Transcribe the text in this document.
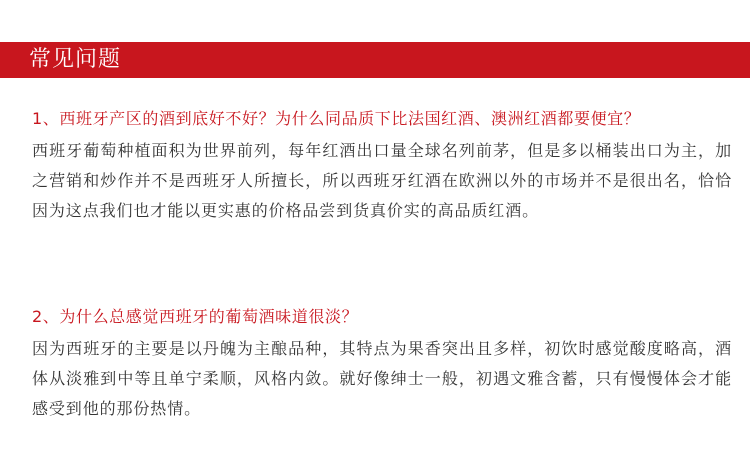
常见问题

1、西班牙产区的酒到底好不好？为什么同品质下比法国红酒、澳洲红酒都要便宜？

西班牙葡萄种植面积为世界前列，每年红酒出口量全球名列前茅，但是多以桶装出口为主，加之营销和炒作并不是西班牙人所擅长，所以西班牙红酒在欧洲以外的市场并不是很出名，恰恰因为这点我们也才能以更实惠的价格品尝到货真价实的高品质红酒。

2、为什么总感觉西班牙的葡萄酒味道很淡？

因为西班牙的主要是以丹魄为主酿品种，其特点为果香突出且多样，初饮时感觉酸度略高，酒体从淡雅到中等且单宁柔顺，风格内敛。就好像绅士一般，初遇文雅含蓄，只有慢慢体会才能感受到他的那份热情。
